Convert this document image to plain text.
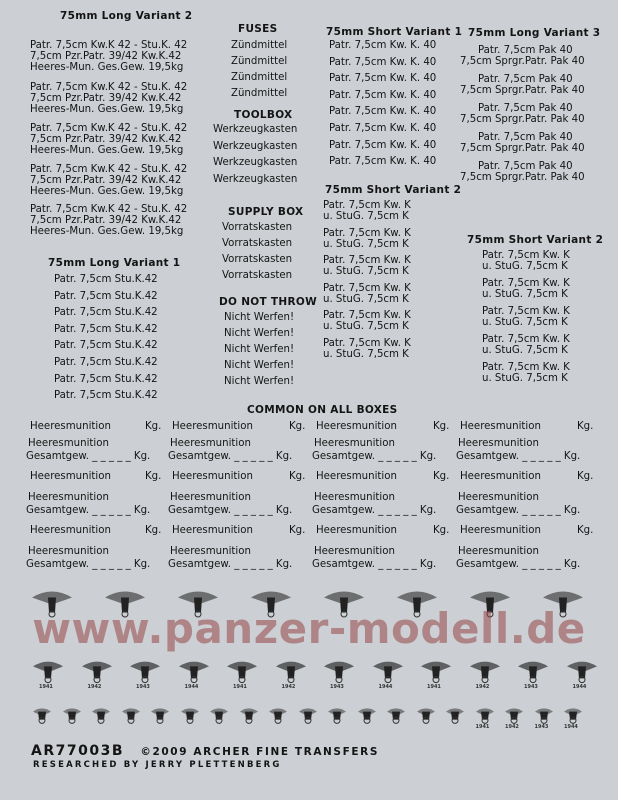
75mm Long Variant 2
Patr. 7,5cm Kw.K 42 - Stu.K. 42
7,5cm Pzr.Patr. 39/42 Kw.K.42
Heeres-Mun. Ges.Gew. 19,5kg
Patr. 7,5cm Kw.K 42 - Stu.K. 42
7,5cm Pzr.Patr. 39/42 Kw.K.42
Heeres-Mun. Ges.Gew. 19,5kg
Patr. 7,5cm Kw.K 42 - Stu.K. 42
7,5cm Pzr.Patr. 39/42 Kw.K.42
Heeres-Mun. Ges.Gew. 19,5kg
Patr. 7,5cm Kw.K 42 - Stu.K. 42
7,5cm Pzr.Patr. 39/42 Kw.K.42
Heeres-Mun. Ges.Gew. 19,5kg
Patr. 7,5cm Kw.K 42 - Stu.K. 42
7,5cm Pzr.Patr. 39/42 Kw.K.42
Heeres-Mun. Ges.Gew. 19,5kg
75mm Long Variant 1
Patr. 7,5cm Stu.K.42
Patr. 7,5cm Stu.K.42
Patr. 7,5cm Stu.K.42
Patr. 7,5cm Stu.K.42
Patr. 7,5cm Stu.K.42
Patr. 7,5cm Stu.K.42
Patr. 7,5cm Stu.K.42
Patr. 7,5cm Stu.K.42
FUSES
Zündmittel
Zündmittel
Zündmittel
Zündmittel
TOOLBOX
Werkzeugkasten
Werkzeugkasten
Werkzeugkasten
Werkzeugkasten
SUPPLY BOX
Vorratskasten
Vorratskasten
Vorratskasten
Vorratskasten
DO NOT THROW
Nicht Werfen!
Nicht Werfen!
Nicht Werfen!
Nicht Werfen!
Nicht Werfen!
75mm Short Variant 1
Patr. 7,5cm Kw. K. 40
Patr. 7,5cm Kw. K. 40
Patr. 7,5cm Kw. K. 40
Patr. 7,5cm Kw. K. 40
Patr. 7,5cm Kw. K. 40
Patr. 7,5cm Kw. K. 40
Patr. 7,5cm Kw. K. 40
Patr. 7,5cm Kw. K. 40
75mm Short Variant 2
Patr. 7,5cm Kw. K
u. StuG. 7,5cm K
Patr. 7,5cm Kw. K
u. StuG. 7,5cm K
Patr. 7,5cm Kw. K
u. StuG. 7,5cm K
Patr. 7,5cm Kw. K
u. StuG. 7,5cm K
Patr. 7,5cm Kw. K
u. StuG. 7,5cm K
Patr. 7,5cm Kw. K
u. StuG. 7,5cm K
75mm Long Variant 3
Patr. 7,5cm Pak 40
7,5cm Sprgr.Patr. Pak 40
Patr. 7,5cm Pak 40
7,5cm Sprgr.Patr. Pak 40
Patr. 7,5cm Pak 40
7,5cm Sprgr.Patr. Pak 40
Patr. 7,5cm Pak 40
7,5cm Sprgr.Patr. Pak 40
Patr. 7,5cm Pak 40
7,5cm Sprgr.Patr. Pak 40
75mm Short Variant 2
Patr. 7,5cm Kw. K
u. StuG. 7,5cm K
Patr. 7,5cm Kw. K
u. StuG. 7,5cm K
Patr. 7,5cm Kw. K
u. StuG. 7,5cm K
Patr. 7,5cm Kw. K
u. StuG. 7,5cm K
Patr. 7,5cm Kw. K
u. StuG. 7,5cm K
COMMON ON ALL BOXES
Heeresmunition	Kg.
Heeresmunition	Kg.
Heeresmunition	Kg.
Heeresmunition
Gesamtgew. _ _ _ _ _ Kg.
Heeresmunition
Gesamtgew. _ _ _ _ _ Kg.
Heeresmunition
Gesamtgew. _ _ _ _ _ Kg.
Heeresmunition	Kg.
Heeresmunition	Kg.
Heeresmunition	Kg.
Heeresmunition
Gesamtgew. _ _ _ _ _ Kg.
Heeresmunition
Gesamtgew. _ _ _ _ _ Kg.
Heeresmunition
Gesamtgew. _ _ _ _ _ Kg.
Heeresmunition	Kg.
Heeresmunition	Kg.
Heeresmunition	Kg.
Heeresmunition
Gesamtgew. _ _ _ _ _ Kg.
Heeresmunition
Gesamtgew. _ _ _ _ _ Kg.
Heeresmunition
Gesamtgew. _ _ _ _ _ Kg.
Heeresmunition	Kg.
Heeresmunition	Kg.
Heeresmunition	Kg.
Heeresmunition
Gesamtgew. _ _ _ _ _ Kg.
Heeresmunition
Gesamtgew. _ _ _ _ _ Kg.
Heeresmunition
Gesamtgew. _ _ _ _ _ Kg.
1941	1942	1943	1944	1941	1942	1943	1944	1941	1942	1943	1944
1941	1942	1943	1944
www.panzer-modell.de
AR77003B ©2009 ARCHER FINE TRANSFERS
RESEARCHED BY JERRY PLETTENBERG
